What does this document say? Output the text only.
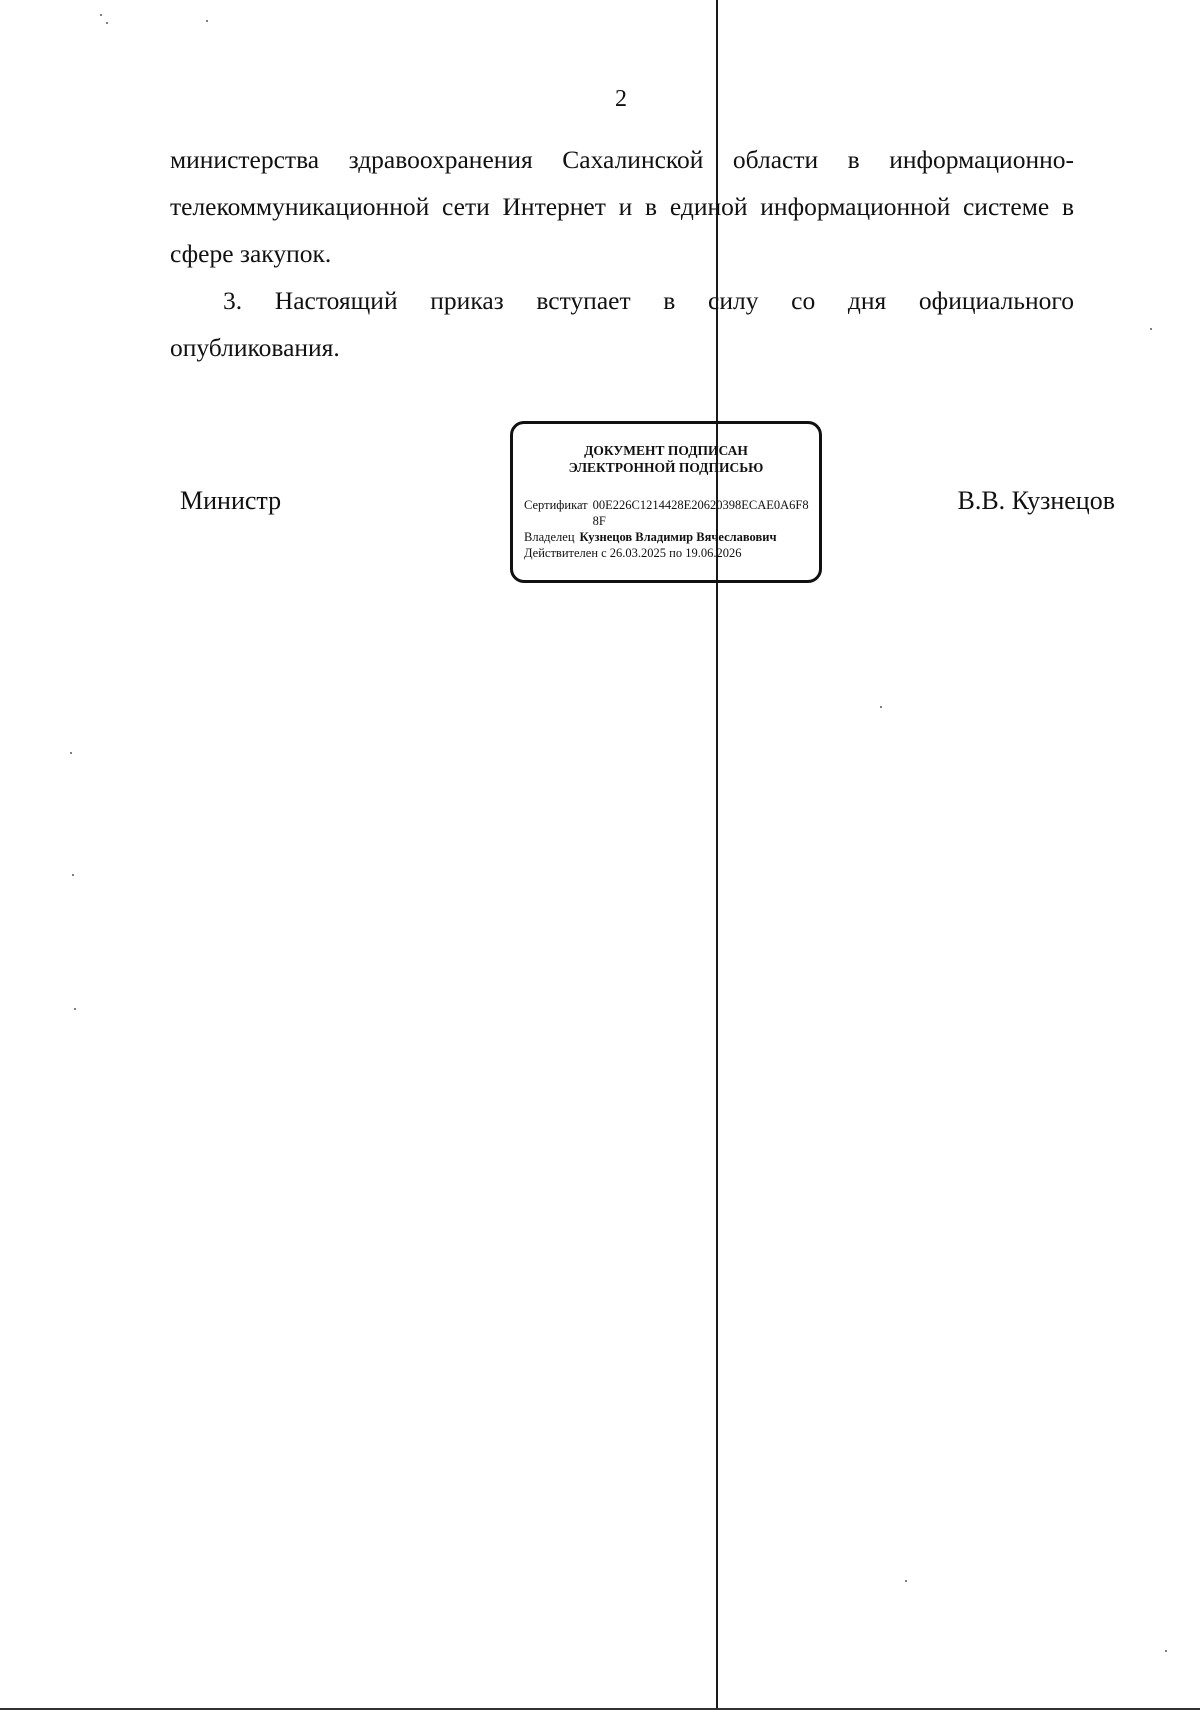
2

министерства здравоохранения Сахалинской области в информационно-
телекоммуникационной сети Интернет и в единой информационной системе в
сфере закупок.

3. Настоящий приказ вступает в силу со дня официального
опубликования.

Министр	В.В. Кузнецов
ДОКУМЕНТ ПОДПИСАН
ЭЛЕКТРОННОЙ ПОДПИСЬЮ
Сертификат 00E226C1214428E20620398ECAE0A6F88F
Владелец Кузнецов Владимир Вячеславович
Действителен с 26.03.2025 по 19.06.2026
